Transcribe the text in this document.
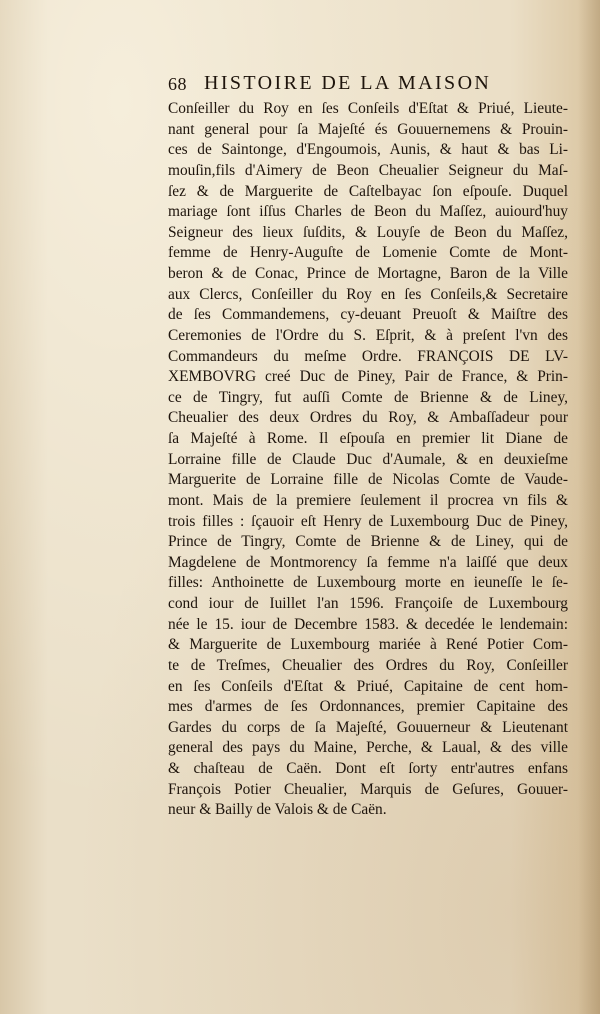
68 HISTOIRE DE LA MAISON
Conſeiller du Roy en ſes Conſeils d'Eſtat & Priué, Lieute-
nant general pour ſa Majeſté és Gouuernemens & Prouin-
ces de Saintonge, d'Engoumois, Aunis, & haut & bas Li-
mouſin,fils d'Aimery de Beon Cheualier Seigneur du Maſ-
ſez & de Marguerite de Caſtelbayac ſon eſpouſe. Duquel
mariage ſont iſſus Charles de Beon du Maſſez, auiourd'huy
Seigneur des lieux ſuſdits, & Louyſe de Beon du Maſſez,
femme de Henry-Auguſte de Lomenie Comte de Mont-
beron & de Conac, Prince de Mortagne, Baron de la Ville
aux Clercs, Conſeiller du Roy en ſes Conſeils,& Secretaire
de ſes Commandemens, cy-deuant Preuoſt & Maiſtre des
Ceremonies de l'Ordre du S. Eſprit, & à preſent l'vn des
Commandeurs du meſme Ordre. FRANÇOIS DE LV-
XEMBOVRG creé Duc de Piney, Pair de France, & Prin-
ce de Tingry, fut auſſi Comte de Brienne & de Liney,
Cheualier des deux Ordres du Roy, & Ambaſſadeur pour
ſa Majeſté à Rome. Il eſpouſa en premier lit Diane de
Lorraine fille de Claude Duc d'Aumale, & en deuxieſme
Marguerite de Lorraine fille de Nicolas Comte de Vaude-
mont. Mais de la premiere ſeulement il procrea vn fils &
trois filles : ſçauoir eſt Henry de Luxembourg Duc de Piney,
Prince de Tingry, Comte de Brienne & de Liney, qui de
Magdelene de Montmorency ſa femme n'a laiſſé que deux
filles: Anthoinette de Luxembourg morte en ieuneſſe le ſe-
cond iour de Iuillet l'an 1596. Françoiſe de Luxembourg
née le 15. iour de Decembre 1583. & decedée le lendemain:
& Marguerite de Luxembourg mariée à René Potier Com-
te de Treſmes, Cheualier des Ordres du Roy, Conſeiller
en ſes Conſeils d'Eſtat & Priué, Capitaine de cent hom-
mes d'armes de ſes Ordonnances, premier Capitaine des
Gardes du corps de ſa Majeſté, Gouuerneur & Lieutenant
general des pays du Maine, Perche, & Laual, & des ville
& chaſteau de Caën. Dont eſt ſorty entr'autres enfans
François Potier Cheualier, Marquis de Geſures, Gouuer-
neur & Bailly de Valois & de Caën.
